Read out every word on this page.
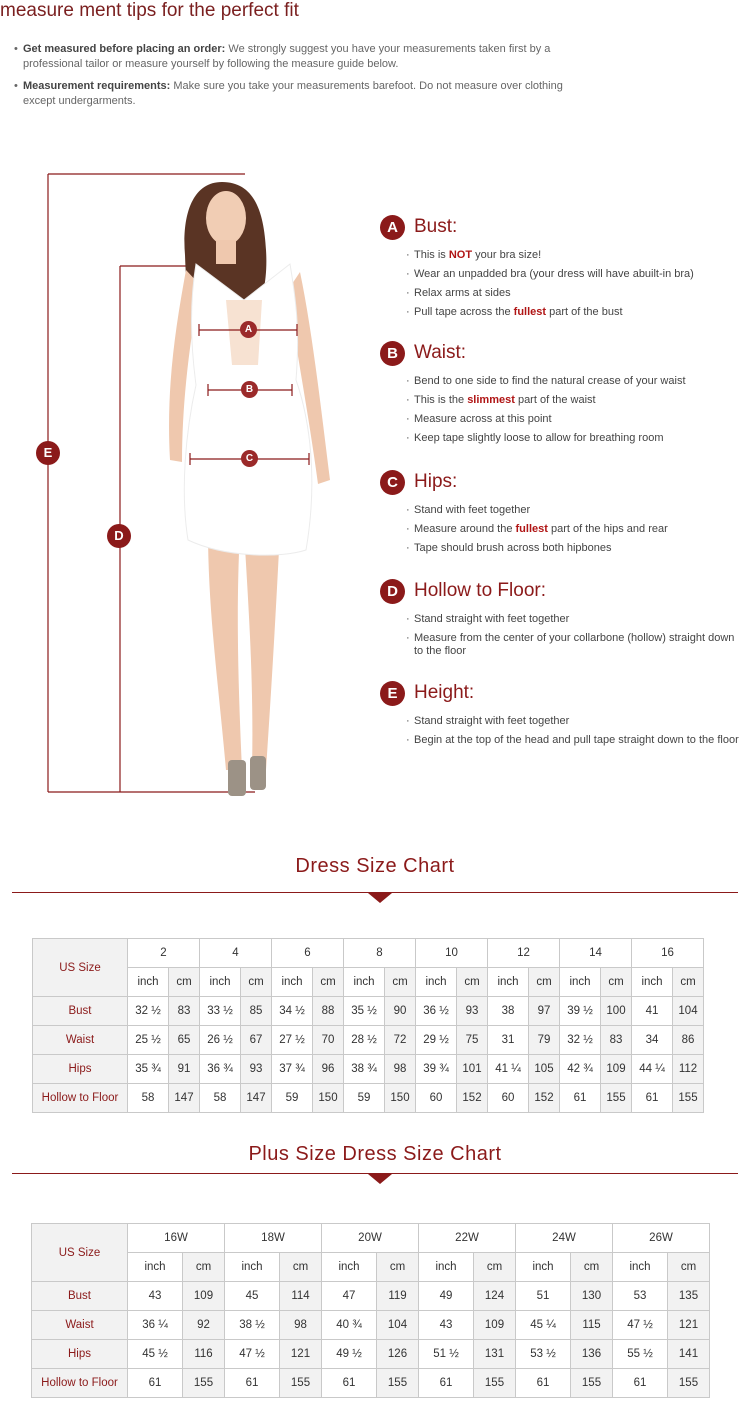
measure ment tips for the perfect fit
• Get measured before placing an order: We strongly suggest you have your measurements taken first by a
professional tailor or measure yourself by following the measure guide below.
• Measurement requirements: Make sure you take your measurements barefoot. Do not measure over clothing
except undergarments.
E
D
A
B
C
A Bust:
· This is NOT your bra size!
· Wear an unpadded bra (your dress will have abuilt-in bra)
· Relax arms at sides
· Pull tape across the fullest part of the bust
B Waist:
· Bend to one side to find the natural crease of your waist
· This is the slimmest part of the waist
· Measure across at this point
· Keep tape slightly loose to allow for breathing room
C Hips:
· Stand with feet together
· Measure around the fullest part of the hips and rear
· Tape should brush across both hipbones
D Hollow to Floor:
· Stand straight with feet together
· Measure from the center of your collarbone (hollow) straight down to the floor
E Height:
· Stand straight with feet together
· Begin at the top of the head and pull tape straight down to the floor
Dress Size Chart
US Size	2		4		6		8		10		12		14		16	
	inch	cm	inch	cm	inch	cm	inch	cm	inch	cm	inch	cm	inch	cm	inch	cm
Bust	32 ½	83	33 ½	85	34 ½	88	35 ½	90	36 ½	93	38	97	39 ½	100	41	104
Waist	25 ½	65	26 ½	67	27 ½	70	28 ½	72	29 ½	75	31	79	32 ½	83	34	86
Hips	35 ¾	91	36 ¾	93	37 ¾	96	38 ¾	98	39 ¾	101	41 ¼	105	42 ¾	109	44 ¼	112
Hollow to Floor	58	147	58	147	59	150	59	150	60	152	60	152	61	155	61	155
Plus Size Dress Size Chart
US Size	16W		18W		20W		22W		24W		26W	
	inch	cm	inch	cm	inch	cm	inch	cm	inch	cm	inch	cm
Bust	43	109	45	114	47	119	49	124	51	130	53	135
Waist	36 ¼	92	38 ½	98	40 ¾	104	43	109	45 ¼	115	47 ½	121
Hips	45 ½	116	47 ½	121	49 ½	126	51 ½	131	53 ½	136	55 ½	141
Hollow to Floor	61	155	61	155	61	155	61	155	61	155	61	155
